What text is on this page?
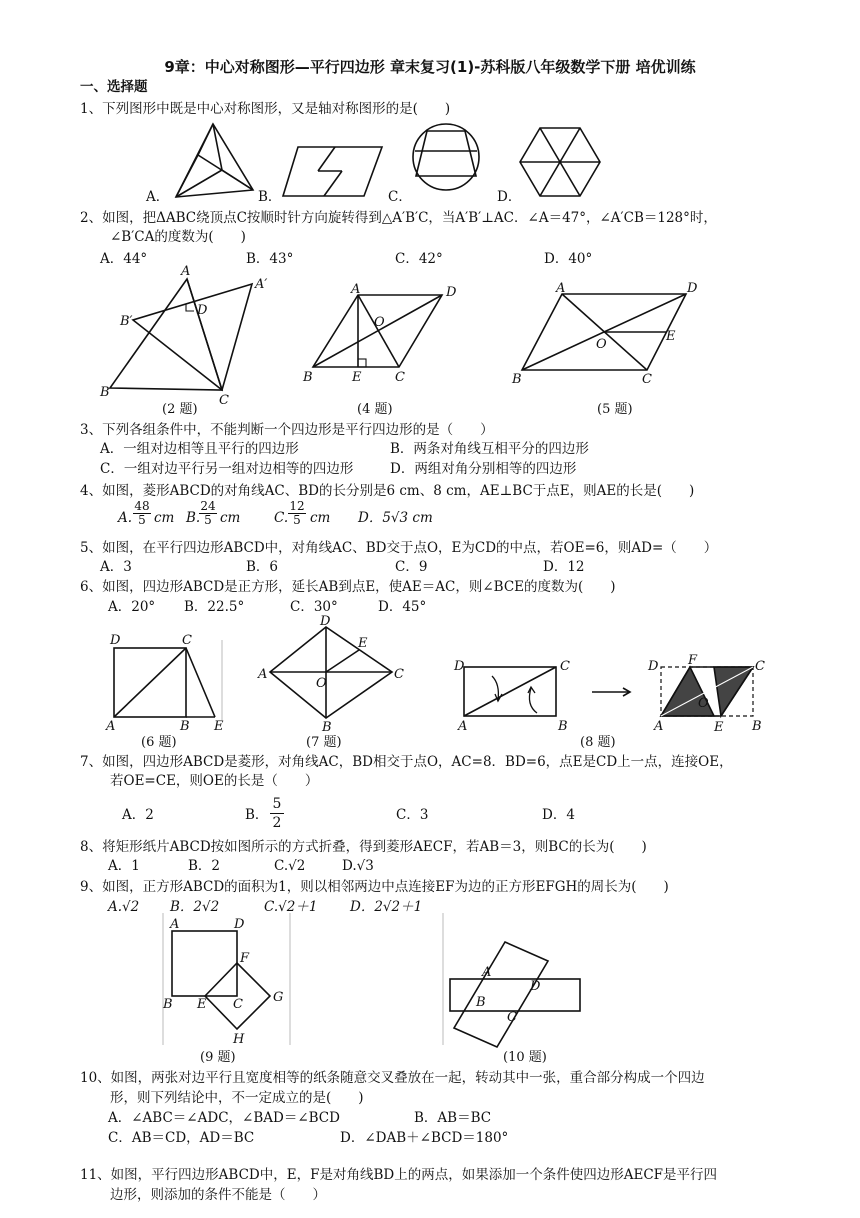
9章：中心对称图形—平行四边形 章末复习(1)-苏科版八年级数学下册 培优训练
一、选择题
1、下列图形中既是中心对称图形，又是轴对称图形的是(　　)
A．	B．	C．	D．
2、如图，把ΔABC绕顶点C按顺时针方向旋转得到△A′B′C，当A′B′⊥AC．∠A＝47°，∠A′CB＝128°时，
∠B′CA的度数为(　　)
A．44°	B．43°	C．42°	D．40°
A
A′
B′
D
B
C
A	D
O
B	E	C
A	D
O
E
B	C
(2 题)	(4 题)	(5 题)
3、下列各组条件中，不能判断一个四边形是平行四边形的是（　　）
A．一组对边相等且平行的四边形	B．两条对角线互相平分的四边形
C．一组对边平行另一组对边相等的四边形	D．两组对角分别相等的四边形
4、如图，菱形ABCD的对角线AC、BD的长分别是6 cm、8 cm，AE⊥BC于点E，则AE的长是(　　)
A. $\frac{48}{5}$ cm B.
$\frac{24}{5}$ cm C. $\frac{12}{5}$ cm D．5√3 cm
5、如图，在平行四边形ABCD中，对角线AC、BD交于点O，E为CD的中点，若OE=6，则AD=（　　）
A．3	B．6	C．9	D．12
6、如图，四边形ABCD是正方形，延长AB到点E，使AE＝AC，则∠BCE的度数为(　　)
A．20° B．22.5°	C．30°	D．45°
D	C
A	B E
D
E
A	C
O
B
D	C
A	B
D F	C
A
O
E B
(6 题)	(7 题)	(8 题)
7、如图，四边形ABCD是菱形，对角线AC，BD相交于点O，AC=8．BD=6，点E是CD上一点，连接OE，
若OE=CE，则OE的长是（　　）
A．2	B． $\frac{5}{2}$	C．3	D．4
8、将矩形纸片ABCD按如图所示的方式折叠，得到菱形AECF，若AB＝3，则BC的长为(　　)
A．1	B．2	C.√2	D.√3
9、如图，正方形ABCD的面积为1，则以相邻两边中点连接EF为边的正方形EFGH的周长为(　　)
A.√2 B．2√2	C.√2＋1 D．2√2＋1
A	D
F
B E C G
H
A
D
B
C
(9 题)	(10 题)
10、如图，两张对边平行且宽度相等的纸条随意交叉叠放在一起，转动其中一张，重合部分构成一个四边
形，则下列结论中，不一定成立的是(　　)
A．∠ABC＝∠ADC，∠BAD＝∠BCD	B．AB＝BC
C．AB＝CD，AD＝BC	D．∠DAB＋∠BCD＝180°
11、如图，平行四边形ABCD中，E，F是对角线BD上的两点，如果添加一个条件使四边形AECF是平行四
边形，则添加的条件不能是（　　）
